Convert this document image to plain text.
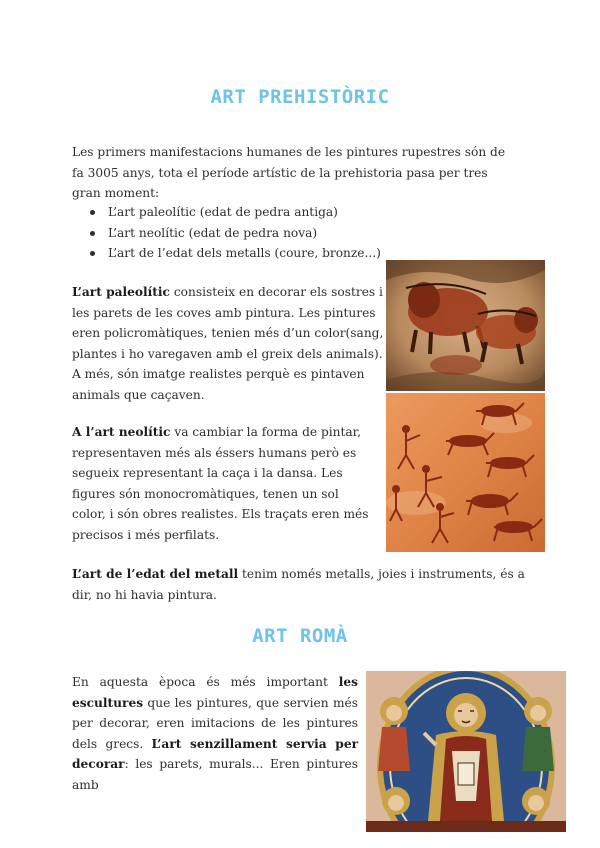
ART PREHISTÒRIC

Les primers manifestacions humanes de les pintures rupestres són de fa 3005 anys, tota el període artístic de la prehistoria pasa per tres gran moment:

L’art paleolític (edat de pedra antiga)
L’art neolític (edat de pedra nova)
L’art de l’edat dels metalls (coure, bronze...)

L’art paleolític consisteix en decorar els sostres i les parets de les coves amb pintura. Les pintures eren policromàtiques, tenien més d’un color(sang, plantes i ho varegaven amb el greix dels animals). A més, són imatge realistes perquè es pintaven animals que caçaven.

A l’art neolític va cambiar la forma de pintar, representaven més als éssers humans però es segueix representant la caça i la dansa. Les figures són monocromàtiques, tenen un sol color, i són obres realistes. Els traçats eren més precisos i més perfilats.

L’art de l’edat del metall tenim només metalls, joies i instruments, és a dir, no hi havia pintura.

ART ROMÀ

En aquesta època és més important les escultures que les pintures, que servien més per decorar, eren imitacions de les pintures dels grecs. L’art senzillament servia per decorar: les parets, murals... Eren pintures amb
